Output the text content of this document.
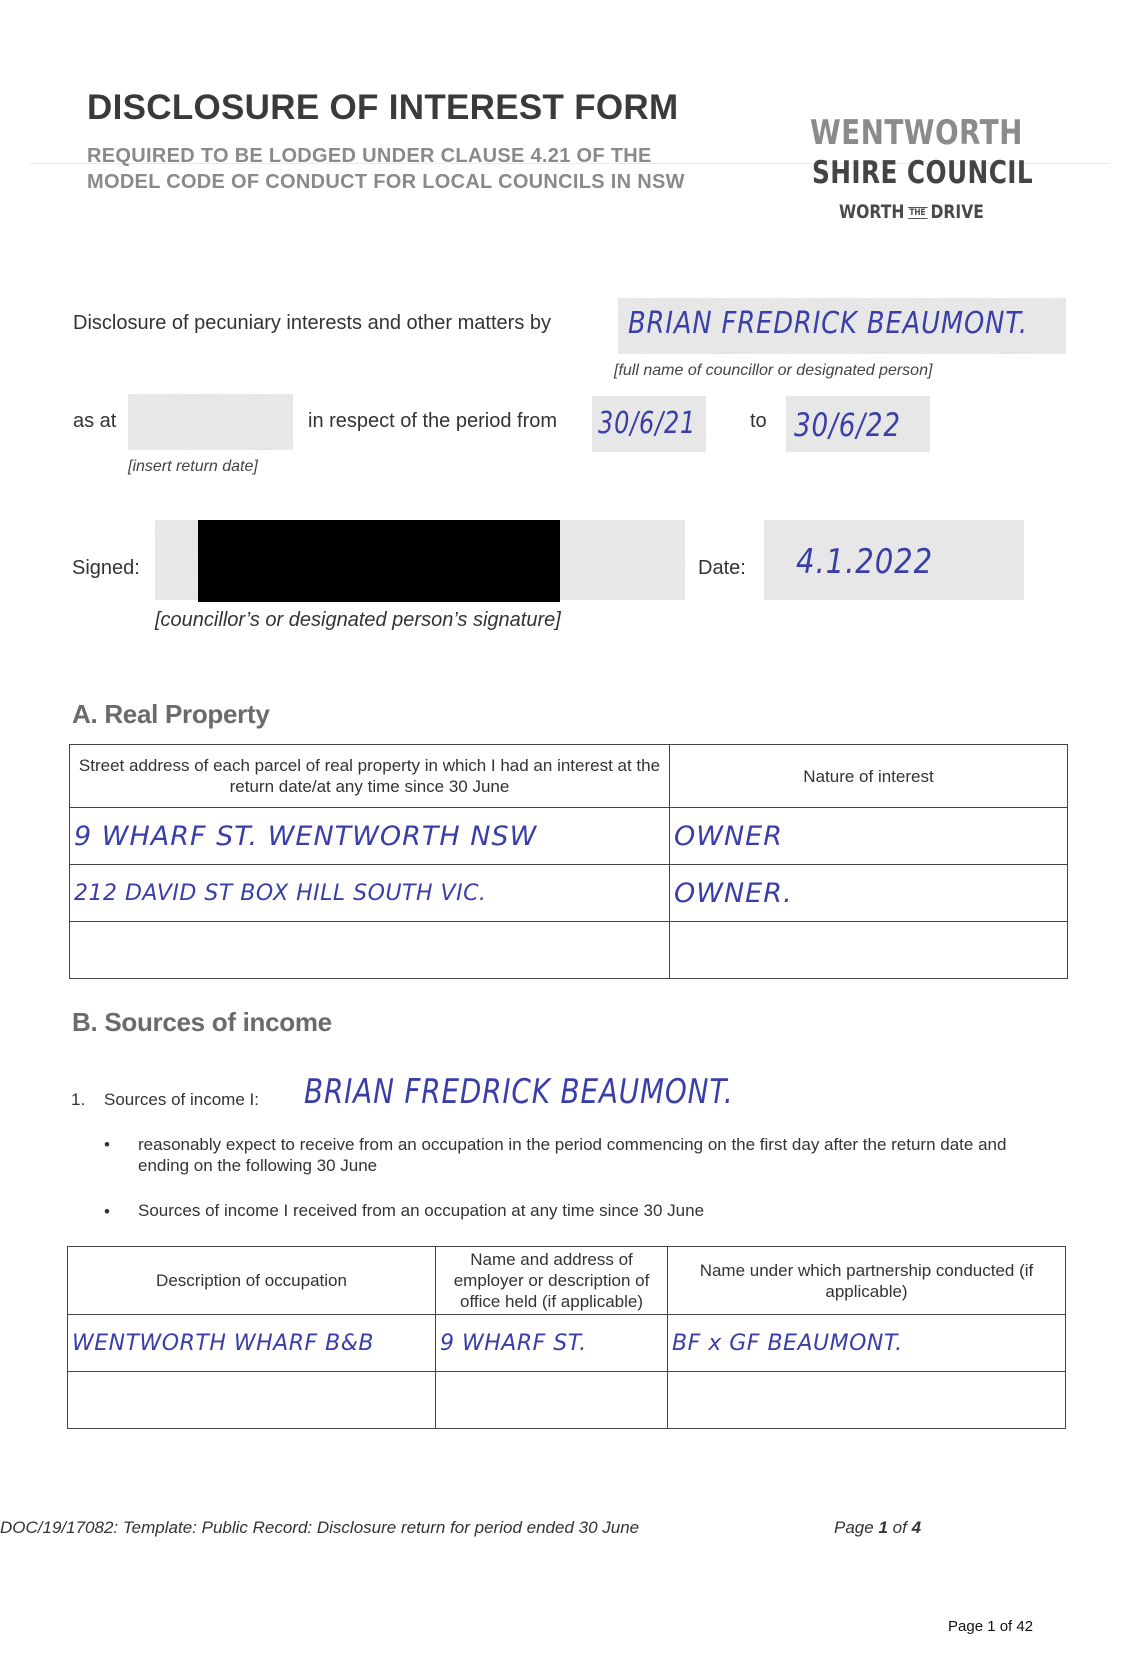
DISCLOSURE OF INTEREST FORM
REQUIRED TO BE LODGED UNDER CLAUSE 4.21 OF THE MODEL CODE OF CONDUCT FOR LOCAL COUNCILS IN NSW
WENTWORTH
SHIRE COUNCIL
WORTH THE DRIVE
Disclosure of pecuniary interests and other matters by	BRIAN FREDRICK BEAUMONT.
[full name of councillor or designated person]
as at
[insert return date]
in respect of the period from 30/6/21	to 30/6/22
Signed:
[councillor’s or designated person’s signature]
Date: 4.1.2022
A. Real Property
Street address of each parcel of real property in which I had an interest at the return date/at any time since 30 June	Nature of interest
9 WHARF ST. WENTWORTH NSW	OWNER
212 DAVID ST BOX HILL SOUTH VIC.	OWNER.

B. Sources of income
1. Sources of income I: BRIAN FREDRICK BEAUMONT.
• reasonably expect to receive from an occupation in the period commencing on the first day after the return date and ending on the following 30 June
• Sources of income I received from an occupation at any time since 30 June
Description of occupation	Name and address of employer or description of office held (if applicable)	Name under which partnership conducted (if applicable)
WENTWORTH WHARF B&B	9 WHARF ST.	BF x GF BEAUMONT.

DOC/19/17082: Template: Public Record: Disclosure return for period ended 30 June	Page 1 of 4
Page 1 of 42
